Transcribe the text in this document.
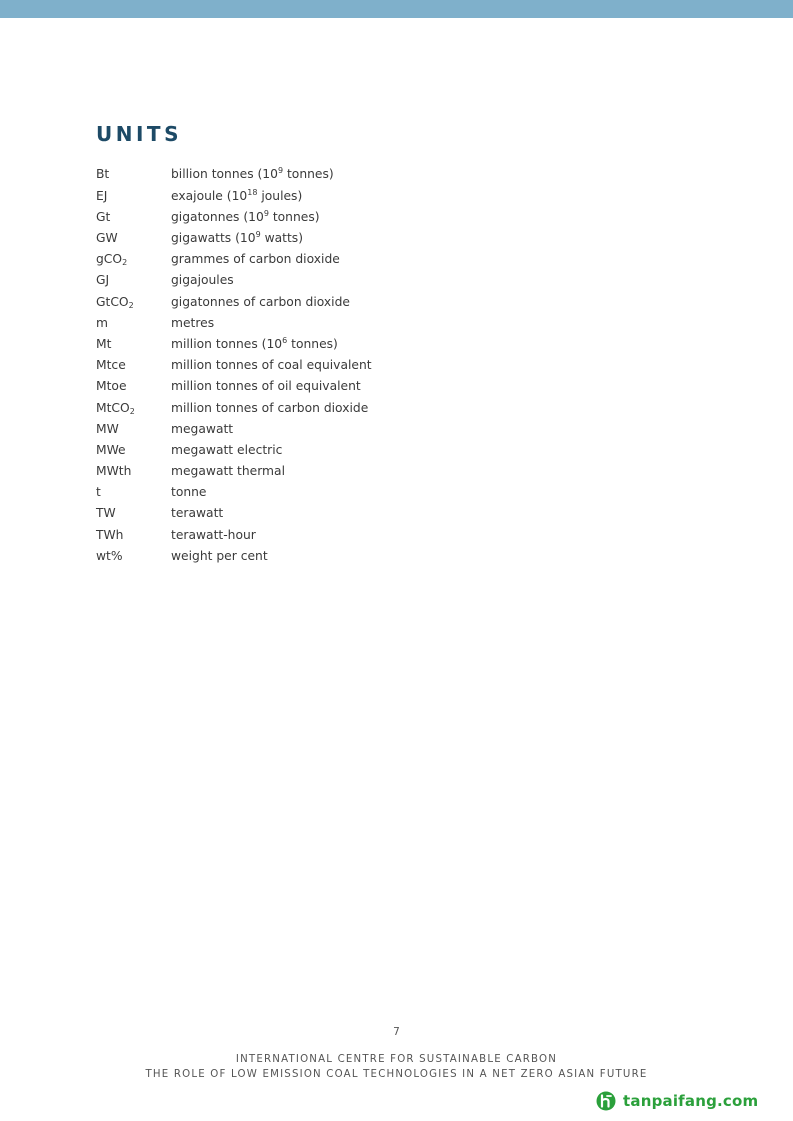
UNITS
Bt	billion tonnes ($10^9$ tonnes)
EJ	exajoule ($10^{18}$ joules)
Gt	gigatonnes ($10^9$ tonnes)
GW	gigawatts ($10^9$ watts)
gCO$_2$	grammes of carbon dioxide
GJ	gigajoules
GtCO$_2$	gigatonnes of carbon dioxide
m	metres
Mt	million tonnes ($10^6$ tonnes)
Mtce	million tonnes of coal equivalent
Mtoe	million tonnes of oil equivalent
MtCO$_2$	million tonnes of carbon dioxide
MW	megawatt
MWe	megawatt electric
MWth	megawatt thermal
t	tonne
TW	terawatt
TWh	terawatt-hour
wt%	weight per cent
7
INTERNATIONAL CENTRE FOR SUSTAINABLE CARBON
THE ROLE OF LOW EMISSION COAL TECHNOLOGIES IN A NET ZERO ASIAN FUTURE
tanpaifang.com
